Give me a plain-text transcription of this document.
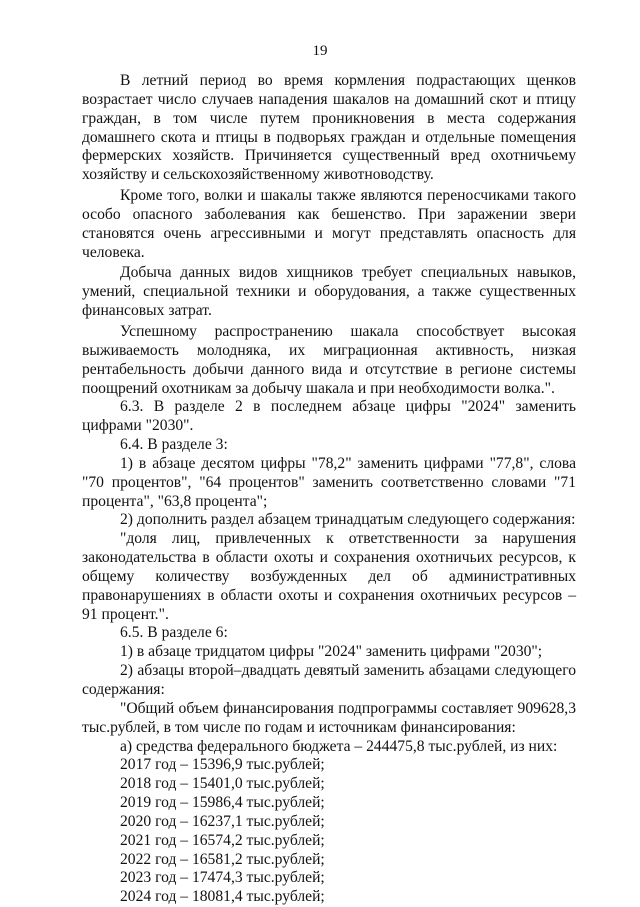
19

В летний период во время кормления подрастающих щенков возрастает число случаев нападения шакалов на домашний скот и птицу граждан, в том числе путем проникновения в места содержания домашнего скота и птицы в подворьях граждан и отдельные помещения фермерских хозяйств. Причиняется существенный вред охотничьему хозяйству и сельскохозяйственному животноводству.

Кроме того, волки и шакалы также являются переносчиками такого особо опасного заболевания как бешенство. При заражении звери становятся очень агрессивными и могут представлять опасность для человека.

Добыча данных видов хищников требует специальных навыков, умений, специальной техники и оборудования, а также существенных финансовых затрат.

Успешному распространению шакала способствует высокая выживаемость молодняка, их миграционная активность, низкая рентабельность добычи данного вида и отсутствие в регионе системы поощрений охотникам за добычу шакала и при необходимости волка.".

6.3. В разделе 2 в последнем абзаце цифры "2024" заменить цифрами "2030".

6.4. В разделе 3:

1) в абзаце десятом цифры "78,2" заменить цифрами "77,8", слова "70 процентов", "64 процентов" заменить соответственно словами "71 процента", "63,8 процента";

2) дополнить раздел абзацем тринадцатым следующего содержания:

"доля лиц, привлеченных к ответственности за нарушения законодательства в области охоты и сохранения охотничьих ресурсов, к общему количеству возбужденных дел об административных правонарушениях в области охоты и сохранения охотничьих ресурсов – 91 процент.".

6.5. В разделе 6:

1) в абзаце тридцатом цифры "2024" заменить цифрами "2030";

2) абзацы второй–двадцать девятый заменить абзацами следующего содержания:

"Общий объем финансирования подпрограммы составляет 909628,3 тыс.рублей, в том числе по годам и источникам финансирования:

а) средства федерального бюджета – 244475,8 тыс.рублей, из них:

2017 год – 15396,9 тыс.рублей;

2018 год – 15401,0 тыс.рублей;

2019 год – 15986,4 тыс.рублей;

2020 год – 16237,1 тыс.рублей;

2021 год – 16574,2 тыс.рублей;

2022 год – 16581,2 тыс.рублей;

2023 год – 17474,3 тыс.рублей;

2024 год – 18081,4 тыс.рублей;
